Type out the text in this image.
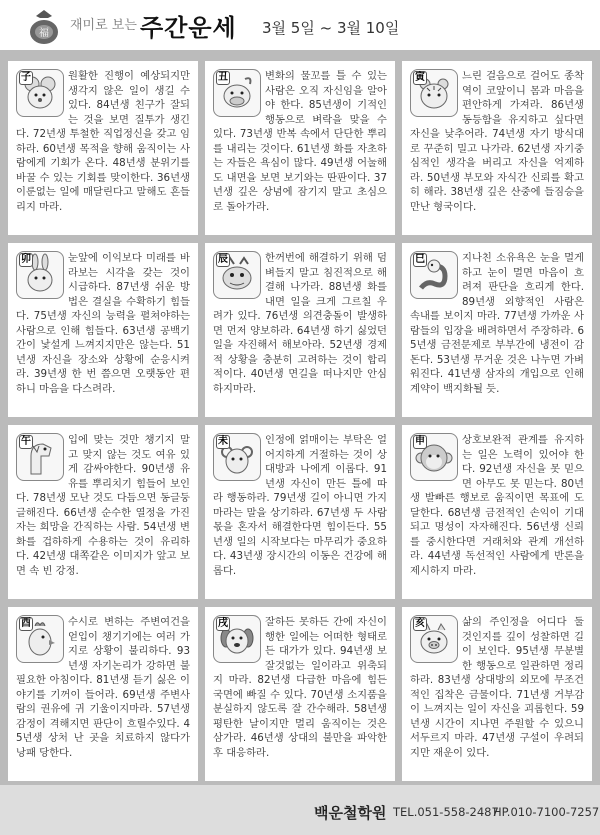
福
재미로 보는 주간운세 3월 5일 ~ 3월 10일
子	원활한 진행이 예상되지만 생각지 않은 일이 생길 수 있다. 84년생 친구가 잘되는 것을 보면 질투가 생긴다. 72년생 투철한 직업정신을 갖고 임하라. 60년생 목적을 향해 움직이는 사람에게 기회가 온다. 48년생 분위기를 바꿀 수 있는 기회를 맞이한다. 36년생 이룬없는 일에 매달린다고 말해도 흔들리지 마라.

丑	변화의 물꼬를 틀 수 있는 사람은 오직 자신임을 알아야 한다. 85년생이 기적인 행동으로 벼락을 맞을 수 있다. 73년생 반복 속에서 단단한 뿌리를 내리는 것이다. 61년생 화를 자초하는 자들은 욕심이 많다. 49년생 어눌해도 내면을 보면 보기와는 딴판이다. 37년생 깊은 상념에 잠기지 말고 초심으로 돌아가라.

寅	느린 걸음으로 걸어도 종착역이 코앞이니 몸과 마음을 편안하게 가져라. 86년생 동등함을 유지하고 싶다면 자신을 낮추어라. 74년생 자기 방식대로 꾸준히 밀고 나가라. 62년생 자기중심적인 생각을 버리고 자신을 억제하라. 50년생 부모와 자식간 신뢰를 확고히 해라. 38년생 깊은 산중에 들짐승을 만난 형국이다.

卯	눈앞에 이익보다 미래를 바라보는 시각을 갖는 것이 시급하다. 87년생 쉬운 방법은 결실을 수확하기 힘들다. 75년생 자신의 능력을 펼쳐야하는 사람으로 인해 힘들다. 63년생 공백기간이 낯설게 느껴지지만은 않는다. 51년생 자신을 장소와 상황에 순응시켜라. 39년생 한 번 쯤으면 오랫동안 편하니 마음을 다스려라.

辰	한꺼번에 해결하기 위해 덤벼들지 말고 침진적으로 해결해 나가라. 88년생 화를 내면 일을 크게 그르칠 우려가 있다. 76년생 의견충돌이 발생하면 먼저 양보하라. 64년생 하기 싫었던 일을 자진해서 해보아라. 52년생 경제적 상황을 충분히 고려하는 것이 합리적이다. 40년생 면길을 떠나지만 안심하지마라.

巳	지나친 소유욕은 눈을 멀게 하고 눈이 멀면 마음이 흐려져 판단을 흐리게 한다. 89년생 외향적인 사람은 속내를 보이지 마라. 77년생 가까운 사람들의 입장을 배려하면서 주장하라. 65년생 금전문제로 부부간에 냉전이 감돈다. 53년생 무거운 것은 나누면 가벼워진다. 41년생 삼자의 개입으로 인해 계약이 백지화될 듯.

午	입에 맞는 것만 챙기지 말고 맞지 않는 것도 여유 있게 감싸야한다. 90년생 유유를 뿌리치기 힘들어 보인다. 78년생 모난 것도 다듬으면 동글둥글해진다. 66년생 순수한 열정을 가진 자는 희망을 간직하는 사람. 54년생 변화를 겁하하게 수용하는 것이 유리하다. 42년생 대쪽같은 이미지가 앞고 보면 속 빈 강정.

未	인정에 얽매이는 부탁은 얼어지하게 거절하는 것이 상대방과 나에게 이롭다. 91년생 자신이 만든 틀에 따라 행동하라. 79년생 길이 아니면 가지 마라는 말을 상기하라. 67년생 두 사람 몫을 혼자서 해결한다면 힘이든다. 55년생 일의 시작보다는 마무리가 중요하다. 43년생 장시간의 이동은 건강에 해롭다.

申	상호보완적 관계를 유지하는 일은 노력이 있어야 한다. 92년생 자신을 못 믿으면 아무도 못 믿는다. 80년생 발빠른 행보로 움직이면 목표에 도달한다. 68년생 금전적인 손익이 기대되고 명성이 자자해진다. 56년생 신뢰를 중시한다면 거래처와 관계 개선하라. 44년생 독선적인 사람에게 반론을 제시하지 마라.

酉	수시로 변하는 주변여건을 얻입이 챙기기에는 여러 가지로 상황이 불리하다. 93년생 자기논리가 강하면 불필요한 아침이다. 81년생 듣기 싫은 이야기를 기꺼이 들어라. 69년생 주변사람의 권유에 귀 기울이지마라. 57년생 감정이 격해지면 판단이 흐릴수있다. 45년생 상처 난 곳을 치료하지 않다가 낭패 당한다.

戌	잘하든 못하든 간에 자신이 행한 일에는 어떠한 형태로든 대가가 있다. 94년생 보잘것없는 일이라고 위축되지 마라. 82년생 다급한 마음에 힘든 국면에 빠질 수 있다. 70년생 소지품을 분실하지 않도록 잘 간수해라. 58년생 평탄한 날이지만 멀리 움직이는 것은 삼가라. 46년생 상대의 불만을 파악한 후 대응하라.

亥	삶의 주인정을 어디다 둘 것인지를 깊이 성찰하면 길이 보인다. 95년생 무분별한 행동으로 일관하면 정리하라. 83년생 상대방의 외모에 무조건적인 집착은 금물이다. 71년생 거부감이 느껴지는 일이 자신을 괴롭힌다. 59년생 시간이 지나면 주원할 수 있으니 서두르지 마라. 47년생 구설이 우려되지만 재운이 있다.

백운철학원 TEL.051-558-2487
HP.010-7100-7257
